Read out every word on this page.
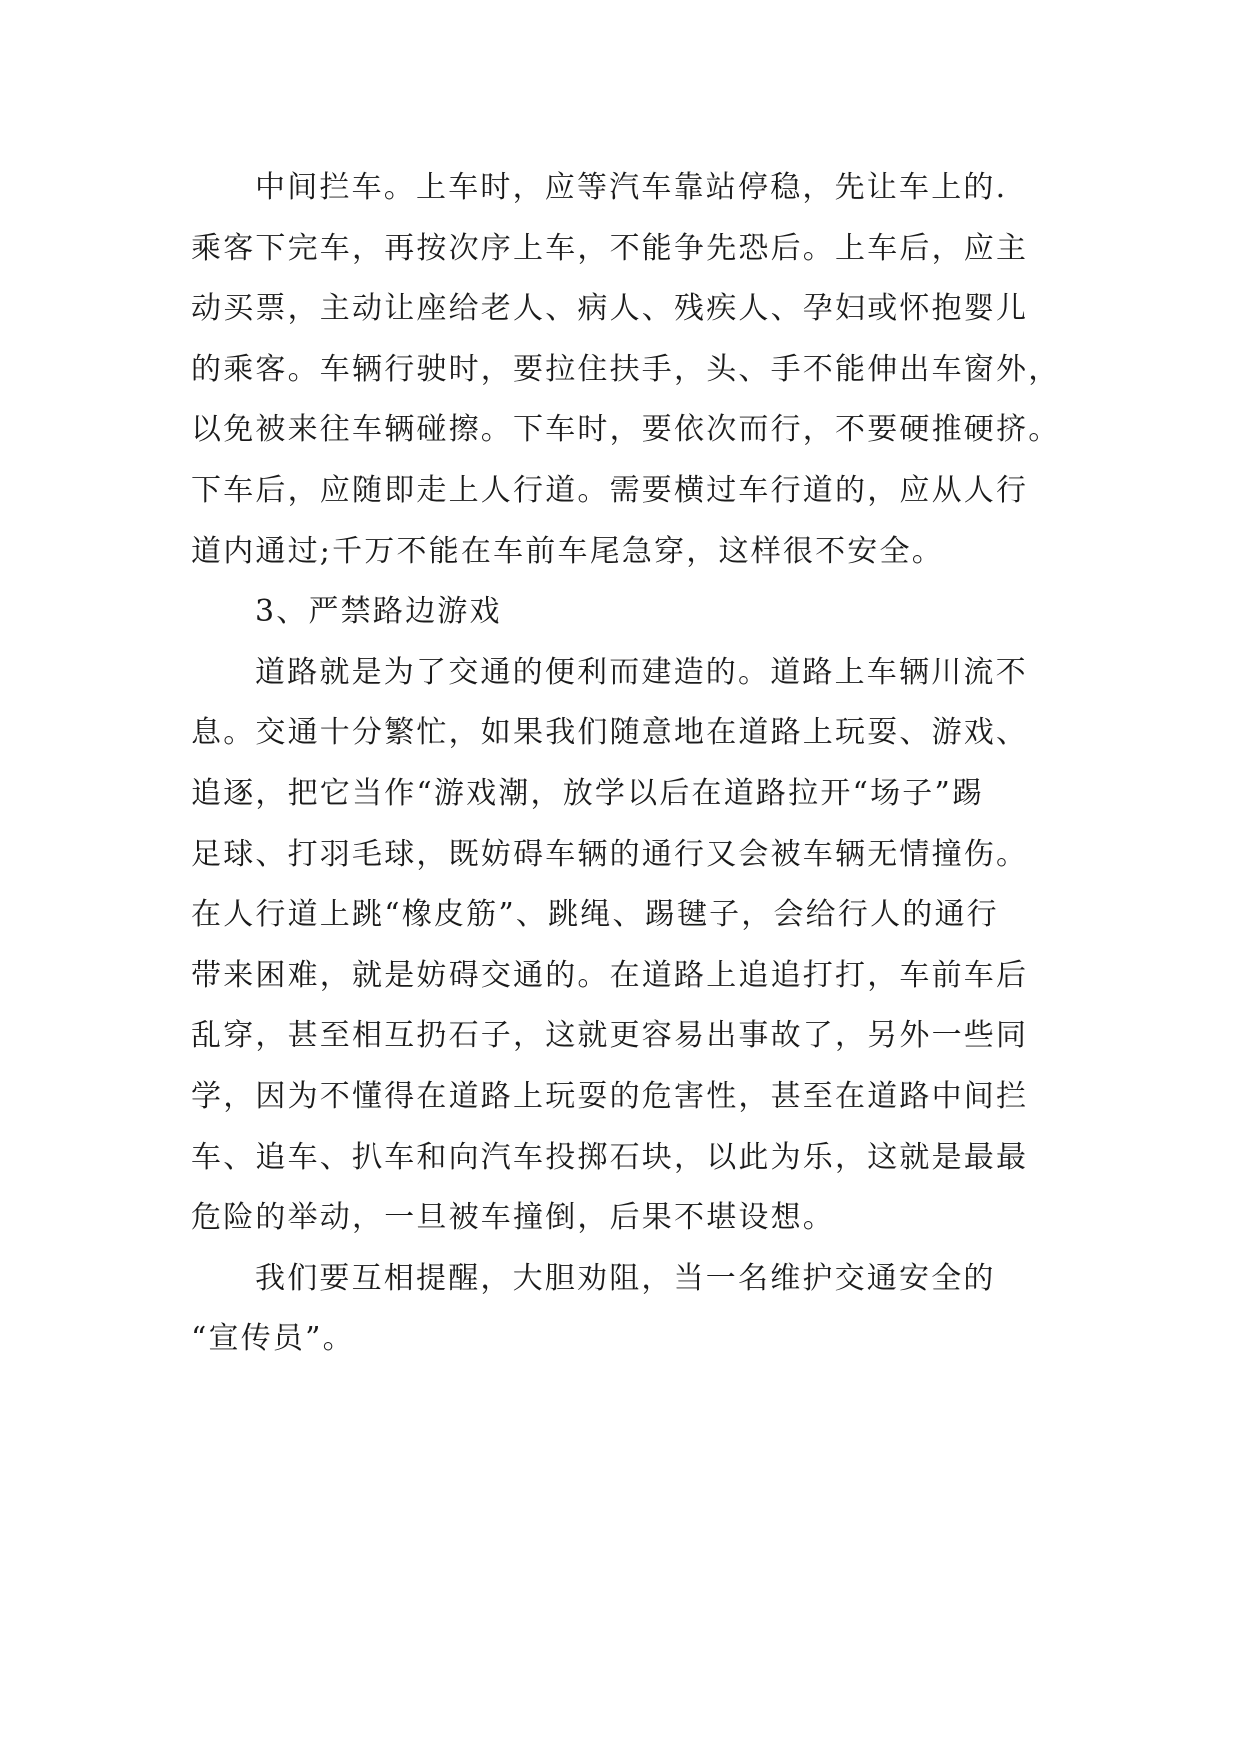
中间拦车。上车时，应等汽车靠站停稳，先让车上的.
乘客下完车，再按次序上车，不能争先恐后。上车后，应主
动买票，主动让座给老人、病人、残疾人、孕妇或怀抱婴儿
的乘客。车辆行驶时，要拉住扶手，头、手不能伸出车窗外，
以免被来往车辆碰擦。下车时，要依次而行，不要硬推硬挤。
下车后，应随即走上人行道。需要横过车行道的，应从人行
道内通过;千万不能在车前车尾急穿，这样很不安全。
3、严禁路边游戏
道路就是为了交通的便利而建造的。道路上车辆川流不
息。交通十分繁忙，如果我们随意地在道路上玩耍、游戏、
追逐，把它当作“游戏潮，放学以后在道路拉开“场子”踢
足球、打羽毛球，既妨碍车辆的通行又会被车辆无情撞伤。
在人行道上跳“橡皮筋”、跳绳、踢毽子，会给行人的通行
带来困难，就是妨碍交通的。在道路上追追打打，车前车后
乱穿，甚至相互扔石子，这就更容易出事故了，另外一些同
学，因为不懂得在道路上玩耍的危害性，甚至在道路中间拦
车、追车、扒车和向汽车投掷石块，以此为乐，这就是最最
危险的举动，一旦被车撞倒，后果不堪设想。
我们要互相提醒，大胆劝阻，当一名维护交通安全的
“宣传员”。
